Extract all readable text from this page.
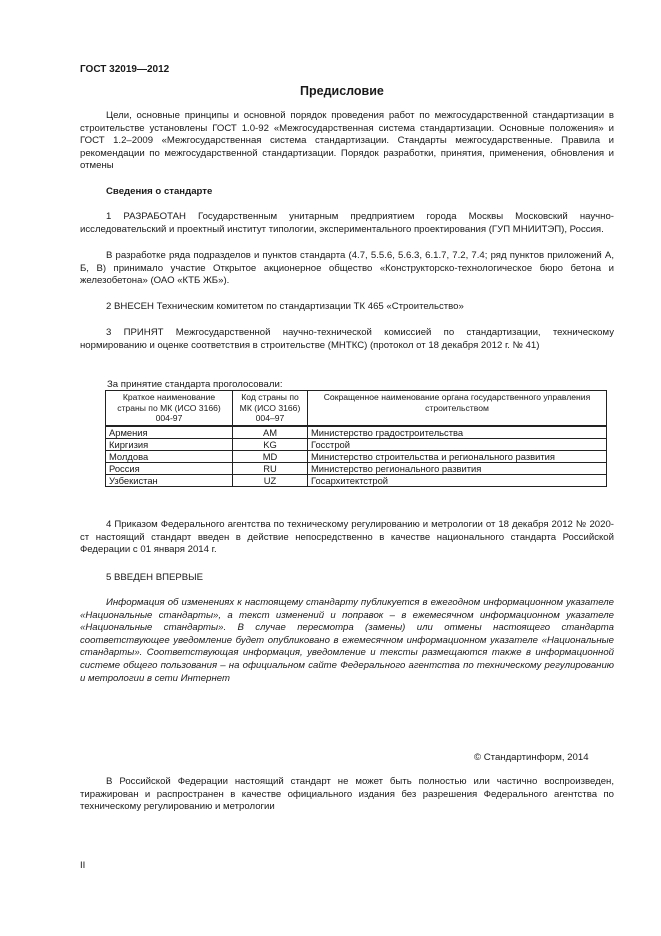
ГОСТ 32019—2012
Предисловие
Цели, основные принципы и основной порядок проведения работ по межгосударственной стандартизации в строительстве установлены ГОСТ 1.0-92 «Межгосударственная система стандартизации. Основные положения» и ГОСТ 1.2–2009 «Межгосударственная система стандартизации. Стандарты межгосударственные. Правила и рекомендации по межгосударственной стандартизации. Порядок разработки, принятия, применения, обновления и отмены
Сведения о стандарте
1 РАЗРАБОТАН Государственным унитарным предприятием города Москвы Московский научно-исследовательский и проектный институт типологии, экспериментального проектирования (ГУП МНИИТЭП), Россия.
В разработке ряда подразделов и пунктов стандарта (4.7, 5.5.6, 5.6.3, 6.1.7, 7.2, 7.4; ряд пунктов приложений А, Б, В) принимало участие Открытое акционерное общество «Конструкторско-технологическое бюро бетона и железобетона» (ОАО «КТБ ЖБ»).
2 ВНЕСЕН Техническим комитетом по стандартизации ТК 465 «Строительство»
3 ПРИНЯТ Межгосударственной научно-технической комиссией по стандартизации, техническому нормированию и оценке соответствия в строительстве (МНТКС) (протокол от 18 декабря 2012 г. № 41)
За принятие стандарта проголосовали:
Краткое наименование страны по МК (ИСО 3166) 004-97	Код страны по МК (ИСО 3166) 004–97	Сокращенное наименование органа государственного управления строительством
Армения	AM	Министерство градостроительства
Киргизия	KG	Госстрой
Молдова	MD	Министерство строительства и регионального развития
Россия	RU	Министерство регионального развития
Узбекистан	UZ	Госархитектстрой
4 Приказом Федерального агентства по техническому регулированию и метрологии от 18 декабря 2012 № 2020-ст настоящий стандарт введен в действие непосредственно в качестве национального стандарта Российской Федерации с 01 января 2014 г.
5 ВВЕДЕН ВПЕРВЫЕ
Информация об изменениях к настоящему стандарту публикуется в ежегодном информационном указателе «Национальные стандарты», а текст изменений и поправок – в ежемесячном информационном указателе «Национальные стандарты». В случае пересмотра (замены) или отмены настоящего стандарта соответствующее уведомление будет опубликовано в ежемесячном информационном указателе «Национальные стандарты». Соответствующая информация, уведомление и тексты размещаются также в информационной системе общего пользования – на официальном сайте Федерального агентства по техническому регулированию и метрологии в сети Интернет
© Стандартинформ, 2014
В Российской Федерации настоящий стандарт не может быть полностью или частично воспроизведен, тиражирован и распространен в качестве официального издания без разрешения Федерального агентства по техническому регулированию и метрологии
II
